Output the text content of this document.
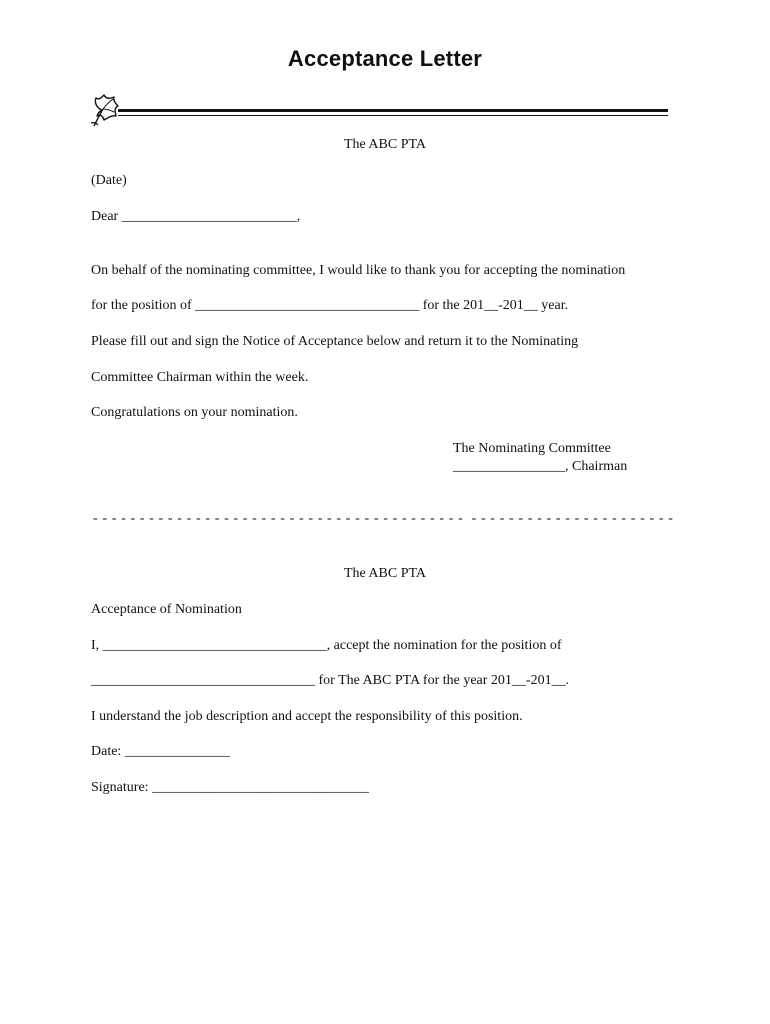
Acceptance Letter
The ABC PTA
(Date)
Dear _________________________,
On behalf of the nominating committee, I would like to thank you for accepting the nomination
for the position of ________________________________ for the 201__-201__ year.
Please fill out and sign the Notice of Acceptance below and return it to the Nominating
Committee Chairman within the week.
Congratulations on your nomination.
The Nominating Committee
________________, Chairman
- - - - - - - - - - - - - - - - - - - - - - - - - - - - - - - - - - - - - - - -  - - - - - - - - - - - - - - - - - - - - - -
The ABC PTA
Acceptance of Nomination
I, ________________________________, accept the nomination for the position of
________________________________ for The ABC PTA for the year 201__-201__.
I understand the job description and accept the responsibility of this position.
Date: _______________
Signature: _______________________________
